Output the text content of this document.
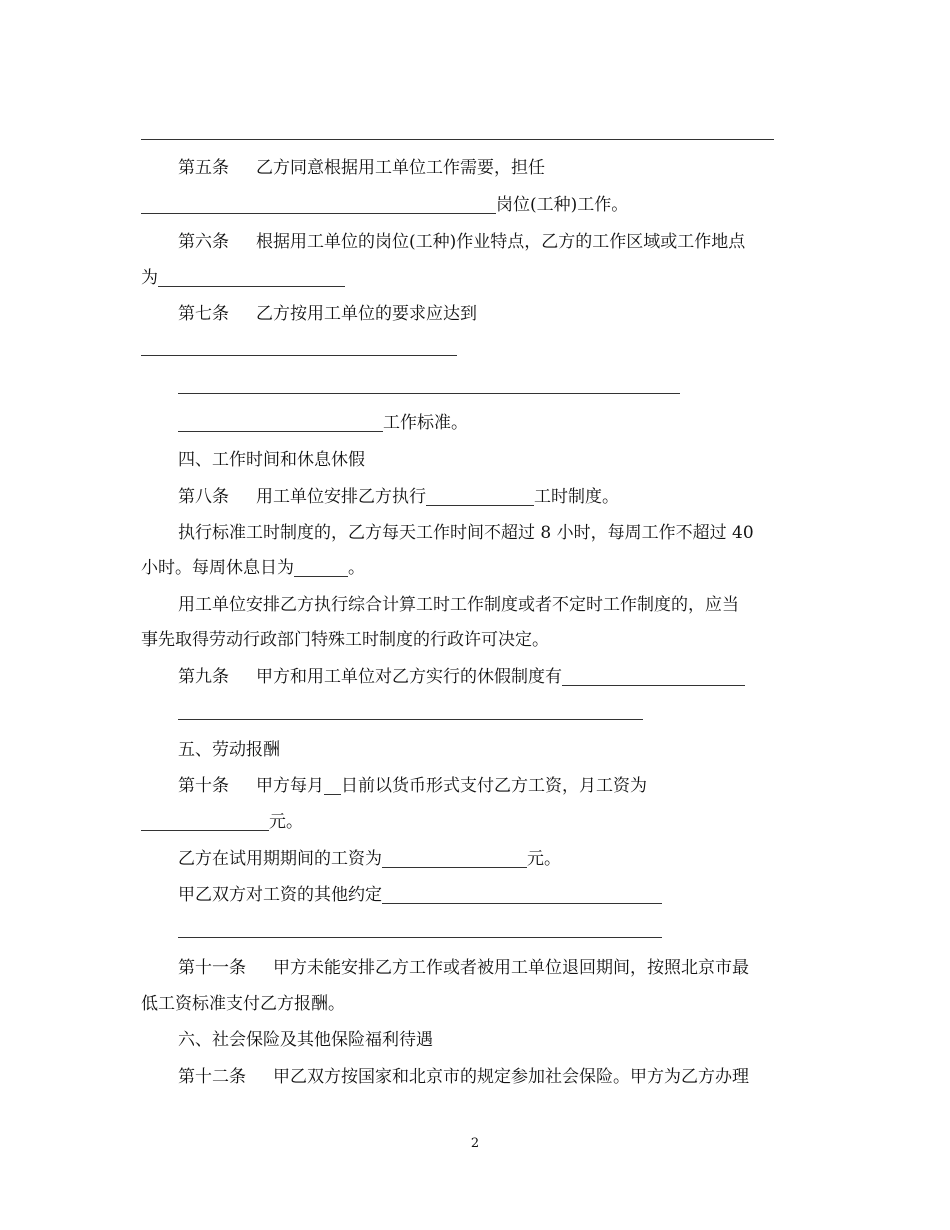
第五条 乙方同意根据用工单位工作需要，担任
岗位(工种)工作。
第六条 根据用工单位的岗位(工种)作业特点，乙方的工作区域或工作地点
为
第七条 乙方按用工单位的要求应达到
工作标准。
四、工作时间和休息休假
第八条 用工单位安排乙方执行	工时制度。
执行标准工时制度的，乙方每天工作时间不超过 8 小时，每周工作不超过 40
小时。每周休息日为	。
用工单位安排乙方执行综合计算工时工作制度或者不定时工作制度的，应当
事先取得劳动行政部门特殊工时制度的行政许可决定。
第九条 甲方和用工单位对乙方实行的休假制度有
五、劳动报酬
第十条 甲方每月 日前以货币形式支付乙方工资，月工资为
元。
乙方在试用期期间的工资为	元。
甲乙双方对工资的其他约定
第十一条 甲方未能安排乙方工作或者被用工单位退回期间，按照北京市最
低工资标准支付乙方报酬。
六、社会保险及其他保险福利待遇
第十二条 甲乙双方按国家和北京市的规定参加社会保险。甲方为乙方办理
2
